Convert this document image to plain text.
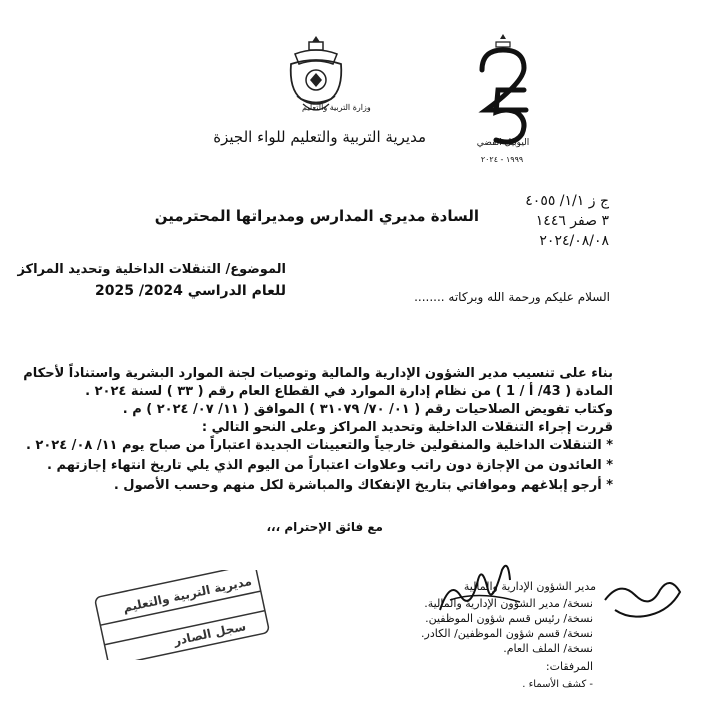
وزارة التربية والتعليم
اليوبيل الفضي
١٩٩٩ - ٢٠٢٤
مديرية التربية والتعليم للواء الجيزة
ج ز ١/١/ ٤٠٥٥
٣ صفر ١٤٤٦
٢٠٢٤/٠٨/٠٨
السادة مديري المدارس ومديراتها المحترمين
الموضوع/ التنقلات الداخلية وتحديد المراكز
للعام الدراسي 2024/ 2025	السلام عليكم ورحمة الله وبركاته ........
بناء على تنسيب مدير الشؤون الإدارية والمالية وتوصيات لجنة الموارد البشرية واستناداً لأحكام
المادة ( 43/ أ / 1 ) من نظام إدارة الموارد في القطاع العام رقم ( ٣٣ ) لسنة ٢٠٢٤ .
وكتاب تفويض الصلاحيات رقم ( ٠١/ ٧٠/ ٣١٠٧٩ ) الموافق ( ١١/ ٠٧/ ٢٠٢٤ ) م .
قررت إجراء التنقلات الداخلية وتحديد المراكز وعلى النحو التالي :
* التنقلات الداخلية والمنقولين خارجياً والتعيينات الجديدة اعتباراً من صباح يوم ١١/ ٠٨/ ٢٠٢٤ .
* العائدون من الإجازة دون راتب وعلاوات اعتباراً من اليوم الذي يلي تاريخ انتهاء إجازتهم .
* أرجو إبلاغهم وموافاتي بتاريخ الإنفكاك والمباشرة لكل منهم وحسب الأصول .
مع فائق الإحترام ،،،
مديرية التربية والتعليم
سجل الصادر
مدير الشؤون الإدارية والمالية
نسخة/ مدير الشؤون الإدارية والمالية.
نسخة/ رئيس قسم شؤون الموظفين.
نسخة/ قسم شؤون الموظفين/ الكادر.
نسخة/ الملف العام.
المرفقات:
- كشف الأسماء .
